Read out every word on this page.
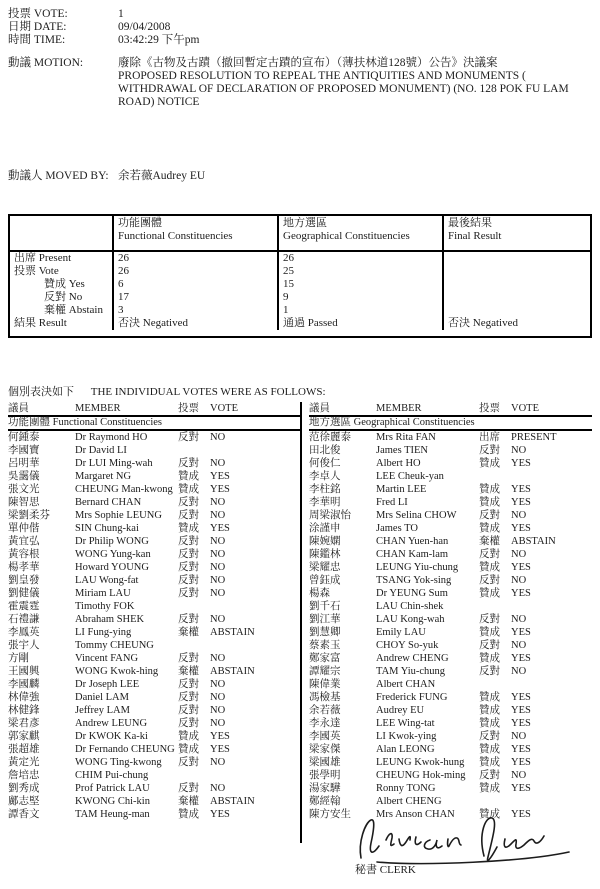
投票 VOTE:	1
日期 DATE:	09/04/2008
時間 TIME:	03:42:29 下午pm
動議 MOTION:	廢除《古物及古蹟（撤回暫定古蹟的宣布）（薄扶林道128號）公告》決議案
PROPOSED RESOLUTION TO REPEAL THE ANTIQUITIES AND MONUMENTS (
WITHDRAWAL OF DECLARATION OF PROPOSED MONUMENT) (NO. 128 POK FU LAM
ROAD) NOTICE
動議人 MOVED BY: 余若薇Audrey EU
功能團體
Functional Constituencies
地方選區
Geographical Constituencies
最後結果
Final Result
出席 Present	26	26
投票 Vote	26	25
贊成 Yes	6	15
反對 No	17	9
棄權 Abstain	3	1
結果 Result	否決 Negatived	通過 Passed	否決 Negatived
個別表決如下 THE INDIVIDUAL VOTES WERE AS FOLLOWS:
議員	MEMBER	投票	VOTE
功能團體 Functional Constituencies
何鍾泰	Dr Raymond HO	反對	NO
李國寶	Dr David LI
呂明華	Dr LUI Ming-wah	反對	NO
吳靄儀	Margaret NG	贊成	YES
張文光	CHEUNG Man-kwong 贊成	YES
陳智思	Bernard CHAN	反對	NO
梁劉柔芬	Mrs Sophie LEUNG	反對	NO
單仲偕	SIN Chung-kai	贊成	YES
黃宜弘	Dr Philip WONG	反對	NO
黃容根	WONG Yung-kan	反對	NO
楊孝華	Howard YOUNG	反對	NO
劉皇發	LAU Wong-fat	反對	NO
劉健儀	Miriam LAU	反對	NO
霍震霆	Timothy FOK
石禮謙	Abraham SHEK	反對	NO
李鳳英	LI Fung-ying	棄權	ABSTAIN
張宇人	Tommy CHEUNG
方剛	Vincent FANG	反對	NO
王國興	WONG Kwok-hing	棄權	ABSTAIN
李國麟	Dr Joseph LEE	反對	NO
林偉強	Daniel LAM	反對	NO
林健鋒	Jeffrey LAM	反對	NO
梁君彥	Andrew LEUNG	反對	NO
郭家麒	Dr KWOK Ka-ki	贊成	YES
張超雄	Dr Fernando CHEUNG 贊成	YES
黃定光	WONG Ting-kwong	反對	NO
詹培忠	CHIM Pui-chung
劉秀成	Prof Patrick LAU	反對	NO
鄺志堅	KWONG Chi-kin	棄權	ABSTAIN
譚香文	TAM Heung-man	贊成	YES
議員	MEMBER	投票	VOTE
地方選區 Geographical Constituencies
范徐麗泰	Mrs Rita FAN	出席	PRESENT
田北俊	James TIEN	反對	NO
何俊仁	Albert HO	贊成	YES
李卓人	LEE Cheuk-yan
李柱銘	Martin LEE	贊成	YES
李華明	Fred LI	贊成	YES
周梁淑怡	Mrs Selina CHOW	反對	NO
涂謹申	James TO	贊成	YES
陳婉嫻	CHAN Yuen-han	棄權	ABSTAIN
陳鑑林	CHAN Kam-lam	反對	NO
梁耀忠	LEUNG Yiu-chung	贊成	YES
曾鈺成	TSANG Yok-sing	反對	NO
楊森	Dr YEUNG Sum	贊成	YES
劉千石	LAU Chin-shek
劉江華	LAU Kong-wah	反對	NO
劉慧卿	Emily LAU	贊成	YES
蔡素玉	CHOY So-yuk	反對	NO
鄭家富	Andrew CHENG	贊成	YES
譚耀宗	TAM Yiu-chung	反對	NO
陳偉業	Albert CHAN
馮檢基	Frederick FUNG	贊成	YES
余若薇	Audrey EU	贊成	YES
李永達	LEE Wing-tat	贊成	YES
李國英	LI Kwok-ying	反對	NO
梁家傑	Alan LEONG	贊成	YES
梁國雄	LEUNG Kwok-hung	贊成	YES
張學明	CHEUNG Hok-ming	反對	NO
湯家驊	Ronny TONG	贊成	YES
鄭經翰	Albert CHENG
陳方安生	Mrs Anson CHAN	贊成	YES
秘書 CLERK
